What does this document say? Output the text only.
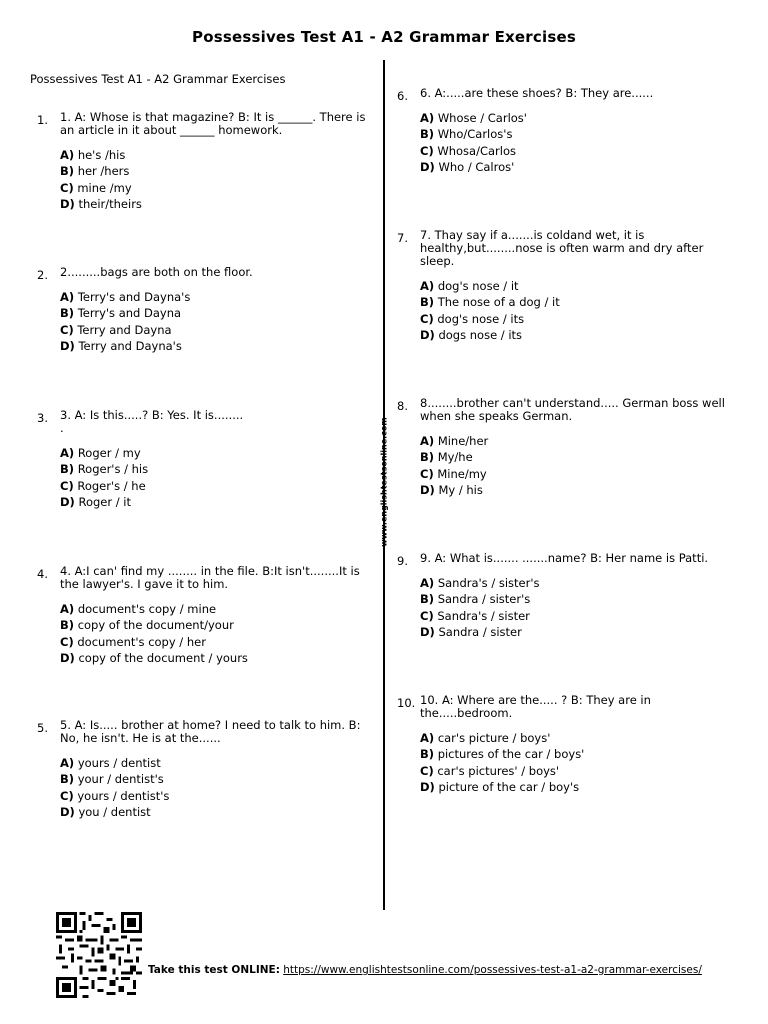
Possessives Test A1 - A2 Grammar Exercises
Possessives Test A1 - A2 Grammar Exercises
www.englishtestsonline.com
1.	1. A: Whose is that magazine? B: It is ______. There is an article in it about ______ homework.
A) he's /his
B) her /hers
C) mine /my
D) their/theirs
2.	2.........bags are both on the floor.
A) Terry's and Dayna's
B) Terry's and Dayna
C) Terry and Dayna
D) Terry and Dayna's
3.	3. A: Is this.....? B: Yes. It is........
.
A) Roger / my
B) Roger's / his
C) Roger's / he
D) Roger / it
4.	4. A:I can' find my ........ in the file. B:It isn't........It is the lawyer's. I gave it to him.
A) document's copy / mine
B) copy of the document/your
C) document's copy / her
D) copy of the document / yours
5.	5. A: Is..... brother at home? I need to talk to him. B: No, he isn't. He is at the......
A) yours / dentist
B) your / dentist's
C) yours / dentist's
D) you / dentist
6.	6. A:.....are these shoes? B: They are......
A) Whose / Carlos'
B) Who/Carlos's
C) Whosa/Carlos
D) Who / Calros'
7.	7. Thay say if a.......is coldand wet, it is healthy,but........nose is often warm and dry after sleep.
A) dog's nose / it
B) The nose of a dog / it
C) dog's nose / its
D) dogs nose / its
8.	8........brother can't understand..... German boss well when she speaks German.
A) Mine/her
B) My/he
C) Mine/my
D) My / his
9.	9. A: What is....... .......name? B: Her name is Patti.
A) Sandra's / sister's
B) Sandra / sister's
C) Sandra's / sister
D) Sandra / sister
10. 10. A: Where are the..... ? B: They are in the.....bedroom.
A) car's picture / boys'
B) pictures of the car / boys'
C) car's pictures' / boys'
D) picture of the car / boy's
Take this test ONLINE: https://www.englishtestsonline.com/possessives-test-a1-a2-grammar-exercises/
